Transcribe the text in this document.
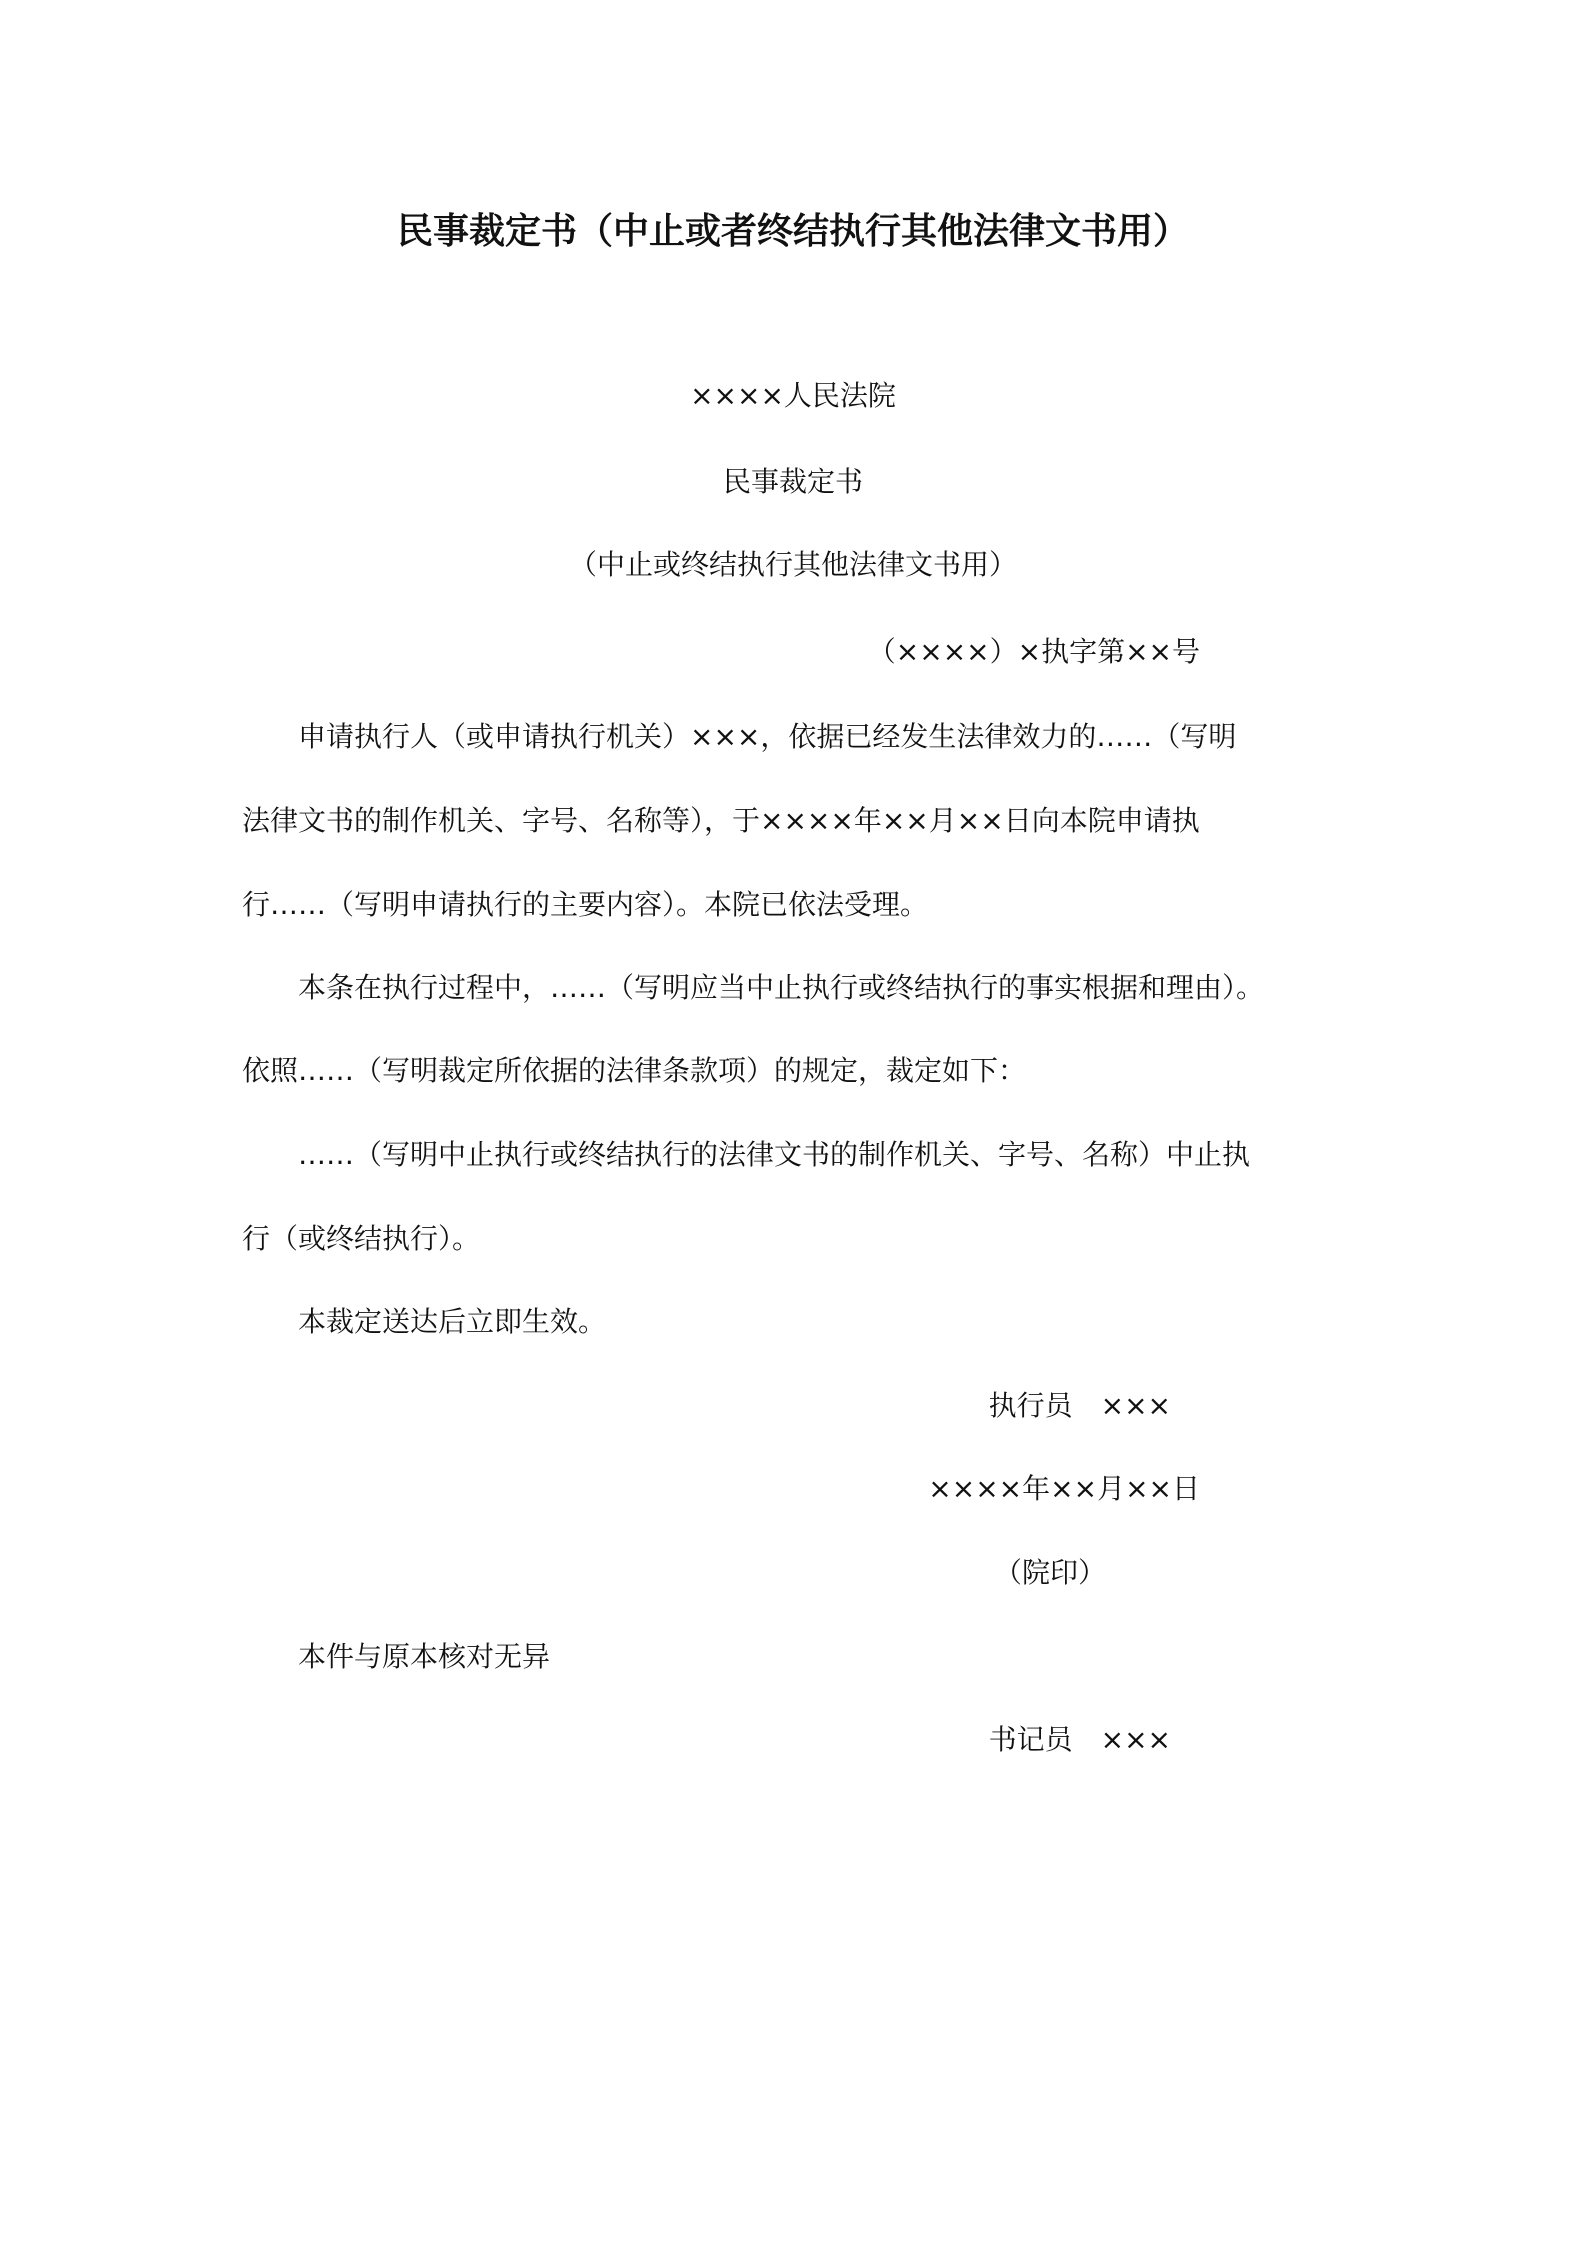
民事裁定书（中止或者终结执行其他法律文书用）
××××人民法院
民事裁定书
（中止或终结执行其他法律文书用）
（××××）×执字第××号
申请执行人（或申请执行机关）×××，依据已经发生法律效力的……（写明
法律文书的制作机关、字号、名称等），于××××年××月××日向本院申请执
行……（写明申请执行的主要内容）。本院已依法受理。
本条在执行过程中，……（写明应当中止执行或终结执行的事实根据和理由）。
依照……（写明裁定所依据的法律条款项）的规定，裁定如下：
……（写明中止执行或终结执行的法律文书的制作机关、字号、名称）中止执
行（或终结执行）。
本裁定送达后立即生效。
执行员　×××
××××年××月××日
（院印）
本件与原本核对无异
书记员　×××
